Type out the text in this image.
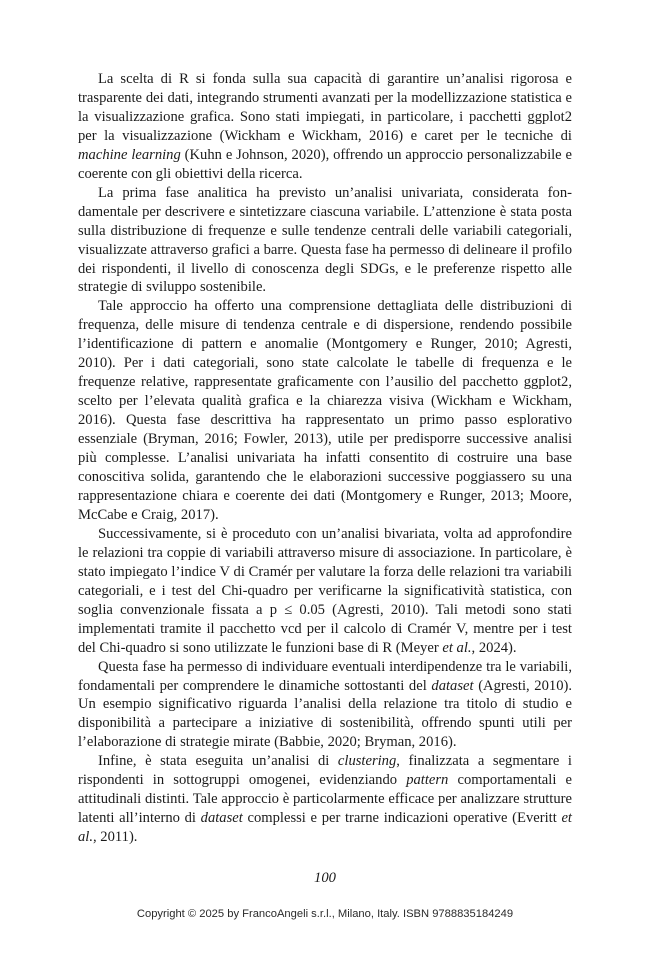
La scelta di R si fonda sulla sua capacità di garantire un’analisi rigorosa e trasparente dei dati, integrando strumenti avanzati per la modellizzazione statistica e la visualizzazione grafica. Sono stati impiegati, in particolare, i pacchetti ggplot2 per la visualizzazione (Wickham e Wickham, 2016) e caret per le tecniche di machine learning (Kuhn e Johnson, 2020), offrendo un approccio personalizzabile e coerente con gli obiettivi della ricerca.

La prima fase analitica ha previsto un’analisi univariata, considerata fondamentale per descrivere e sintetizzare ciascuna variabile. L’attenzione è stata posta sulla distribuzione di frequenze e sulle tendenze centrali delle variabili categoriali, visualizzate attraverso grafici a barre. Questa fase ha permesso di delineare il profilo dei rispondenti, il livello di conoscenza degli SDGs, e le preferenze rispetto alle strategie di sviluppo sostenibile.

Tale approccio ha offerto una comprensione dettagliata delle distribuzioni di frequenza, delle misure di tendenza centrale e di dispersione, rendendo possibile l’identificazione di pattern e anomalie (Montgomery e Runger, 2010; Agresti, 2010). Per i dati categoriali, sono state calcolate le tabelle di frequenza e le frequenze relative, rappresentate graficamente con l’ausilio del pacchetto ggplot2, scelto per l’elevata qualità grafica e la chiarezza visiva (Wickham e Wickham, 2016). Questa fase descrittiva ha rappresentato un primo passo esplorativo essenziale (Bryman, 2016; Fowler, 2013), utile per predisporre successive analisi più complesse. L’analisi univariata ha infatti consentito di costruire una base conoscitiva solida, garantendo che le elaborazioni successive poggiassero su una rappresentazione chiara e coerente dei dati (Montgomery e Runger, 2013; Moore, McCabe e Craig, 2017).

Successivamente, si è proceduto con un’analisi bivariata, volta ad approfondire le relazioni tra coppie di variabili attraverso misure di associazione. In particolare, è stato impiegato l’indice V di Cramér per valutare la forza delle relazioni tra variabili categoriali, e i test del Chi-quadro per verificarne la significatività statistica, con soglia convenzionale fissata a p ≤ 0.05 (Agresti, 2010). Tali metodi sono stati implementati tramite il pacchetto vcd per il calcolo di Cramér V, mentre per i test del Chi-quadro si sono utilizzate le funzioni base di R (Meyer et al., 2024).

Questa fase ha permesso di individuare eventuali interdipendenze tra le variabili, fondamentali per comprendere le dinamiche sottostanti del dataset (Agresti, 2010). Un esempio significativo riguarda l’analisi della relazione tra titolo di studio e disponibilità a partecipare a iniziative di sostenibilità, offrendo spunti utili per l’elaborazione di strategie mirate (Babbie, 2020; Bryman, 2016).

Infine, è stata eseguita un’analisi di clustering, finalizzata a segmentare i rispondenti in sottogruppi omogenei, evidenziando pattern comportamentali e attitudinali distinti. Tale approccio è particolarmente efficace per analizzare strutture latenti all’interno di dataset complessi e per trarne indicazioni operative (Everitt et al., 2011).

100
Copyright © 2025 by FrancoAngeli s.r.l., Milano, Italy. ISBN 9788835184249
